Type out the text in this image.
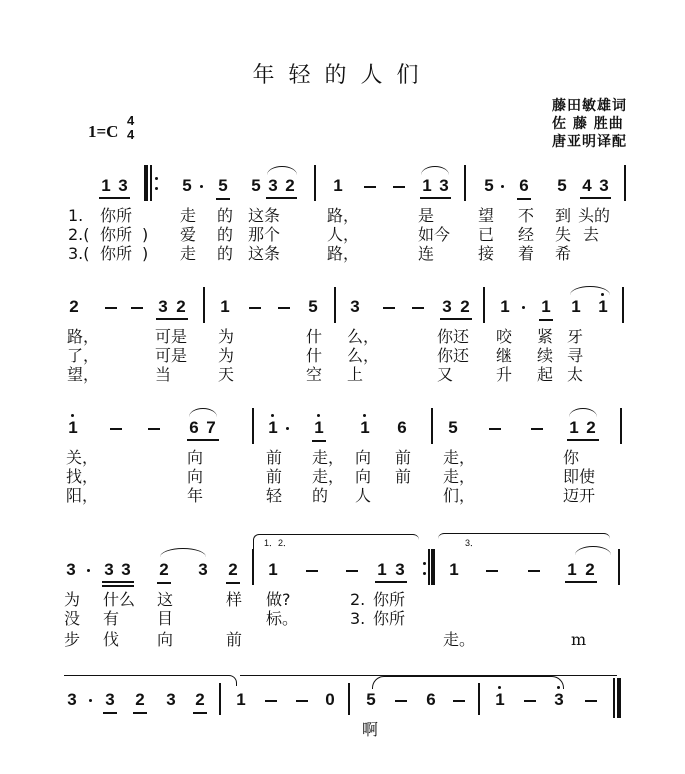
年轻的人们
藤田敏雄词
佐 藤 胜曲
唐亚明译配
1=C
4
4
1 3	5 5 5 3 2 1	1 3 5 6 5 4 3
1. 你所	走 的 这条	路，	是	望 不 到 头的
2.( 你所 ) 爱 的 那个	人，	如今 已 经 失 去
3.( 你所 ) 走 的 这条	路，	连	接 着 希
2	3 2 1	5 3	3 2 1 1 1 1
路，	可是 为	什 么，	你还 咬 紧 牙
了，	可是 为	什 么，	你还 继 续 寻
望，	当	天	空 上	又	升 起 太
1	6 7	1 1 1 6 5	1 2
关，	向	前 走， 向 前 走，	你
找，	向	前 走， 向 前 走，	即使
阳，	年	轻 的 人	们，	迈开
1．2．	3．
3 3 3 2 3 2 1	1 3	1	1 2
为 什么 这	样 做?	2. 你所
没 有 目	标。	3. 你所
步 伐 向	前	走。	m
3 3 2 3 2 1	0 5	6	1	3
啊
